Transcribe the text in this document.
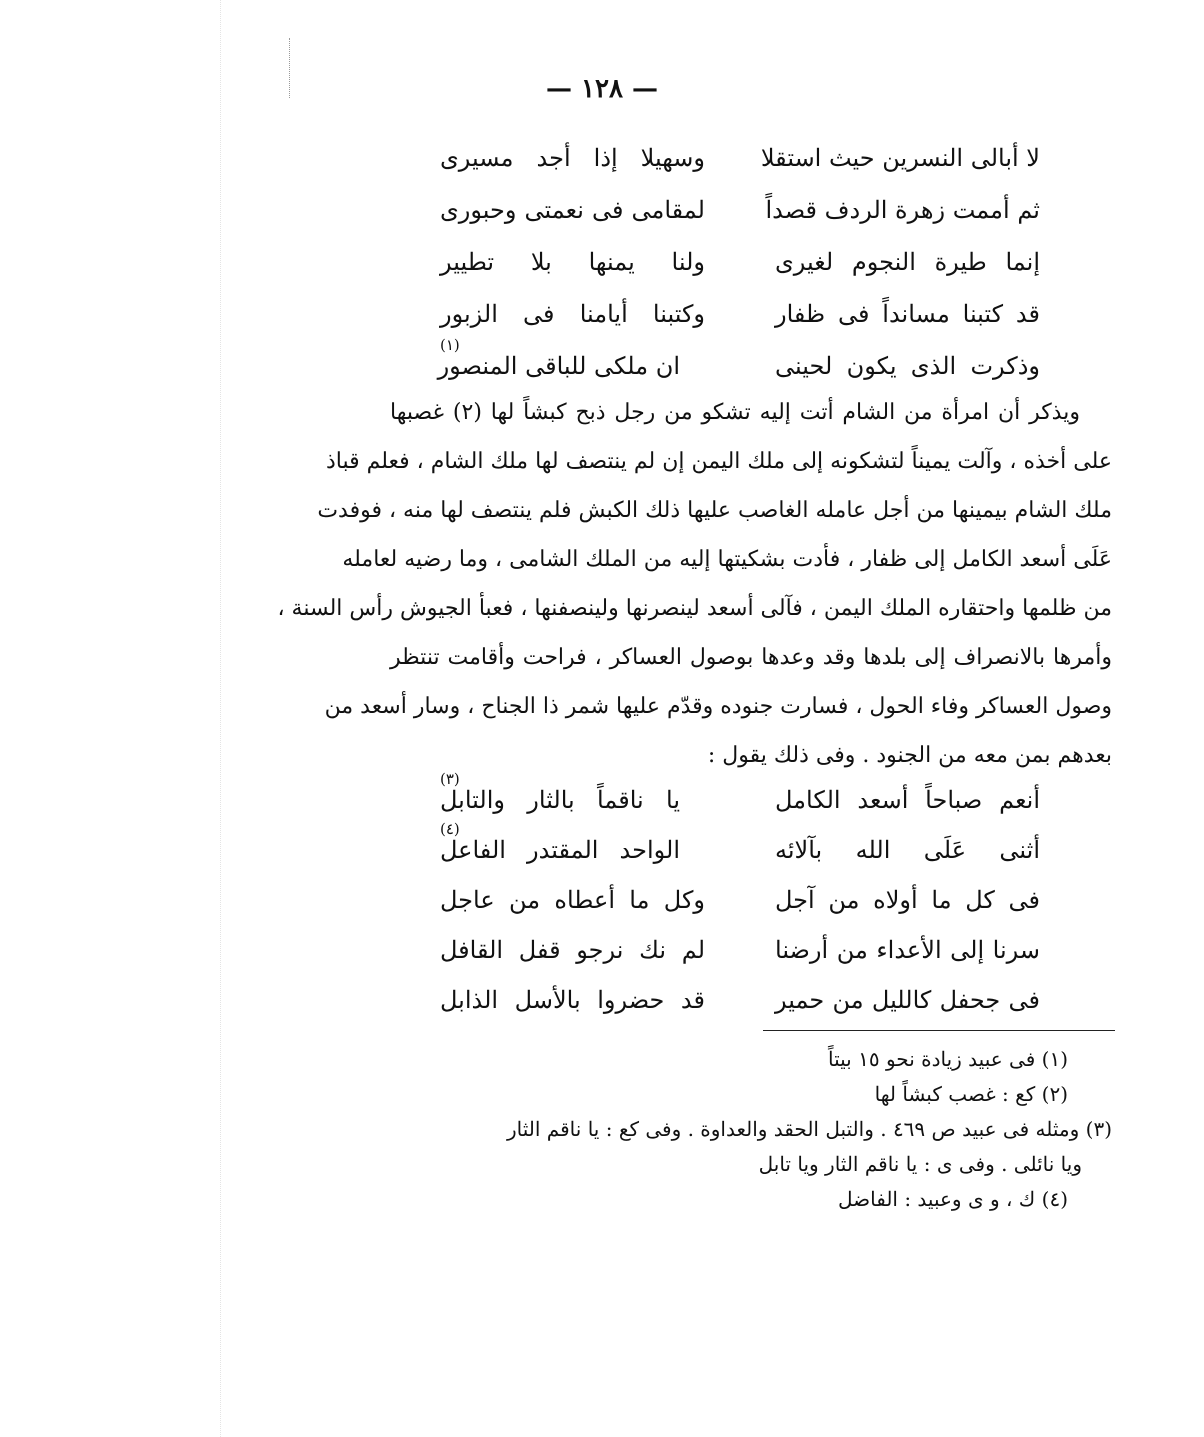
— ١٢٨ —
لا أبالى النسرين حيث استقلا
وسهيلا إذا أجد مسيرى
ثم أممت زهرة الردف قصداً
لمقامى فى نعمتى وحبورى
إنما طيرة النجوم لغيرى
ولنا يمنها بلا تطيير
قد كتبنا مسانداً فى ظفار
وكتبنا أيامنا فى الزبور
وذكرت الذى يكون لحينى
ان ملكى للباقى المنصور
(١)
ويذكر أن امرأة من الشام أتت إليه تشكو من رجل ذبح كبشاً لها (٢) غصبها
على أخذه ، وآلت يميناً لتشكونه إلى ملك اليمن إن لم ينتصف لها ملك الشام ، فعلم قباذ
ملك الشام بيمينها من أجل عامله الغاصب عليها ذلك الكبش فلم ينتصف لها منه ، فوفدت
عَلَى أسعد الكامل إلى ظفار ، فأدت بشكيتها إليه من الملك الشامى ، وما رضيه لعامله
من ظلمها واحتقاره الملك اليمن ، فآلى أسعد لينصرنها ولينصفنها ، فعبأ الجيوش رأس السنة ،
وأمرها بالانصراف إلى بلدها وقد وعدها بوصول العساكر ، فراحت وأقامت تنتظر
وصول العساكر وفاء الحول ، فسارت جنوده وقدّم عليها شمر ذا الجناح ، وسار أسعد من
بعدهم بمن معه من الجنود . وفى ذلك يقول :
أنعم صباحاً أسعد الكامل
يا ناقماً بالثار والتابل
(٣)
أثنى عَلَى الله بآلائه
الواحد المقتدر الفاعل
(٤)
فى كل ما أولاه من آجل
وكل ما أعطاه من عاجل
سرنا إلى الأعداء من أرضنا
لم نك نرجو قفل القافل
فى جحفل كالليل من حمير
قد حضروا بالأسل الذابل
(١) فى عبيد زيادة نحو ١٥ بيتاً
(٢) كع : غصب كبشاً لها
(٣) ومثله فى عبيد ص ٤٦٩ . والتبل الحقد والعداوة . وفى كع : يا ناقم الثار
ويا نائلى . وفى ى : يا ناقم الثار ويا تابل
(٤) ك ، و ى وعبيد : الفاضل
